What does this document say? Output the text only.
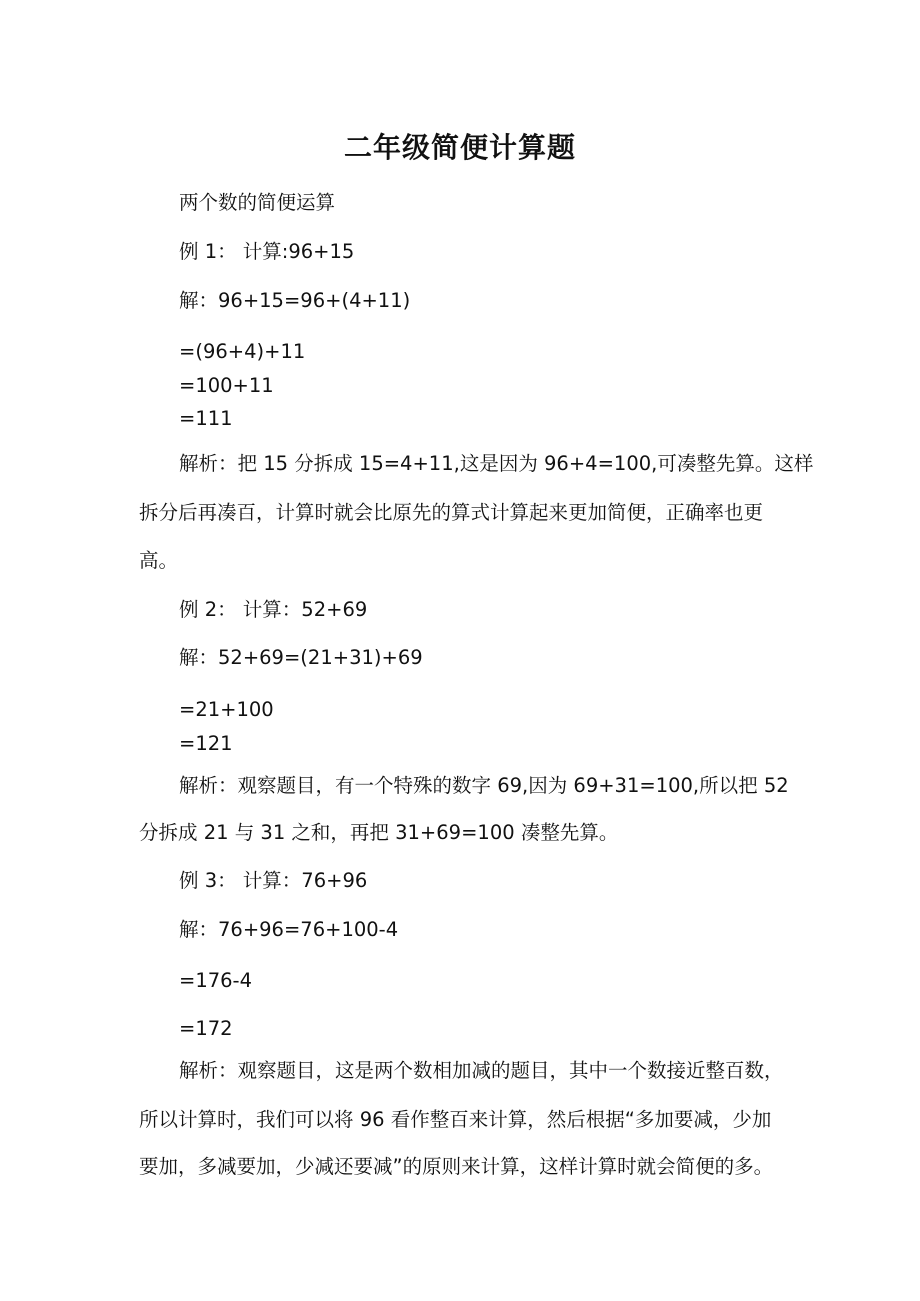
二年级简便计算题
两个数的简便运算
例 1： 计算:96+15
解：96+15=96+(4+11)
=(96+4)+11
=100+11
=111
解析：把 15 分拆成 15=4+11,这是因为 96+4=100,可凑整先算。这样
拆分后再凑百，计算时就会比原先的算式计算起来更加简便，正确率也更
高。
例 2： 计算：52+69
解：52+69=(21+31)+69
=21+100
=121
解析：观察题目，有一个特殊的数字 69,因为 69+31=100,所以把 52
分拆成 21 与 31 之和，再把 31+69=100 凑整先算。
例 3： 计算：76+96
解：76+96=76+100-4
=176-4
=172
解析：观察题目，这是两个数相加减的题目，其中一个数接近整百数，
所以计算时，我们可以将 96 看作整百来计算，然后根据“多加要减，少加
要加，多减要加，少减还要减”的原则来计算，这样计算时就会简便的多。
